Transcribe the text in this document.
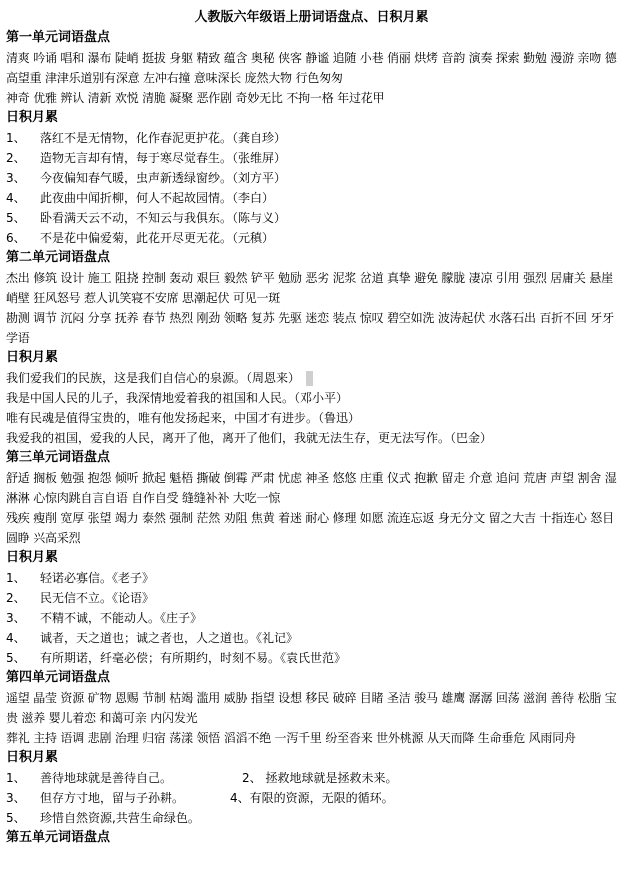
人教版六年级语上册词语盘点、日积月累
第一单元词语盘点
清爽 吟诵 唱和 瀑布 陡峭 挺拔 身躯 精致 蕴含 奥秘 侠客 静谧 追随 小巷 俏丽 烘烤 音韵 演奏 探索 勤勉 漫游 亲吻 德高望重 津津乐道别有深意 左冲右撞 意味深长 庞然大物 行色匆匆
神奇 优雅 辨认 清新 欢悦 清脆 凝聚 恶作剧 奇妙无比 不拘一格 年过花甲
日积月累
1、 落红不是无情物，化作春泥更护花。（龚自珍）
2、 造物无言却有情，每于寒尽觉春生。（张维屏）
3、 今夜偏知春气暖，虫声新透绿窗纱。（刘方平）
4、 此夜曲中闻折柳，何人不起故园情。（李白）
5、 卧看满天云不动，不知云与我俱东。（陈与义）
6、 不是花中偏爱菊，此花开尽更无花。（元稹）
第二单元词语盘点
杰出 修筑 设计 施工 阻挠 控制 轰动 艰巨 毅然 铲平 勉励 恶劣 泥浆 岔道 真挚 避免 朦胧 凄凉 引用 强烈 居庸关 悬崖峭壁 狂风怒号 惹人讥笑寝不安席 思潮起伏 可见一斑
勘测 调节 沉闷 分享 抚养 春节 热烈 刚劲 领略 复苏 先驱 迷恋 装点 惊叹 碧空如洗 波涛起伏 水落石出 百折不回 牙牙学语
日积月累
我们爱我们的民族，这是我们自信心的泉源。（周恩来）
我是中国人民的儿子，我深情地爱着我的祖国和人民。（邓小平）
唯有民魂是值得宝贵的，唯有他发扬起来，中国才有进步。（鲁迅）
我爱我的祖国，爱我的人民，离开了他，离开了他们，我就无法生存，更无法写作。（巴金）
第三单元词语盘点
舒适 搁板 勉强 抱怨 倾听 掀起 魁梧 撕破 倒霉 严肃 忧虑 神圣 悠悠 庄重 仪式 抱歉 留走 介意 追问 荒唐 声望 割舍 湿淋淋 心惊肉跳自言自语 自作自受 缝缝补补 大吃一惊
残疾 瘦削 宽厚 张望 竭力 泰然 强制 茫然 劝阻 焦黄 着迷 耐心 修理 如愿 流连忘返 身无分文 留之大吉 十指连心 怒目圆睁 兴高采烈
日积月累
1、 轻诺必寡信。《老子》
2、 民无信不立。《论语》
3、 不精不诚，不能动人。《庄子》
4、 诚者，天之道也；诚之者也，人之道也。《礼记》
5、 有所期诺，纤毫必偿；有所期约，时刻不易。《袁氏世范》
第四单元词语盘点
遥望 晶莹 资源 矿物 恩赐 节制 枯竭 滥用 威胁 指望 设想 移民 破碎 目睹 圣洁 骏马 雄鹰 潺潺 回荡 滋润 善待 松脂 宝贵 滋养 婴儿着恋 和蔼可亲 内闪发光
葬礼 主持 语调 悲剧 治理 归宿 荡漾 领悟 滔滔不绝 一泻千里 纷至沓来 世外桃源 从天而降 生命垂危 风雨同舟
日积月累
1、 善待地球就是善待自己。	2、 拯救地球就是拯救未来。
3、 但存方寸地，留与子孙耕。	4、有限的资源，无限的循环。
5、 珍惜自然资源,共营生命绿色。
第五单元词语盘点
